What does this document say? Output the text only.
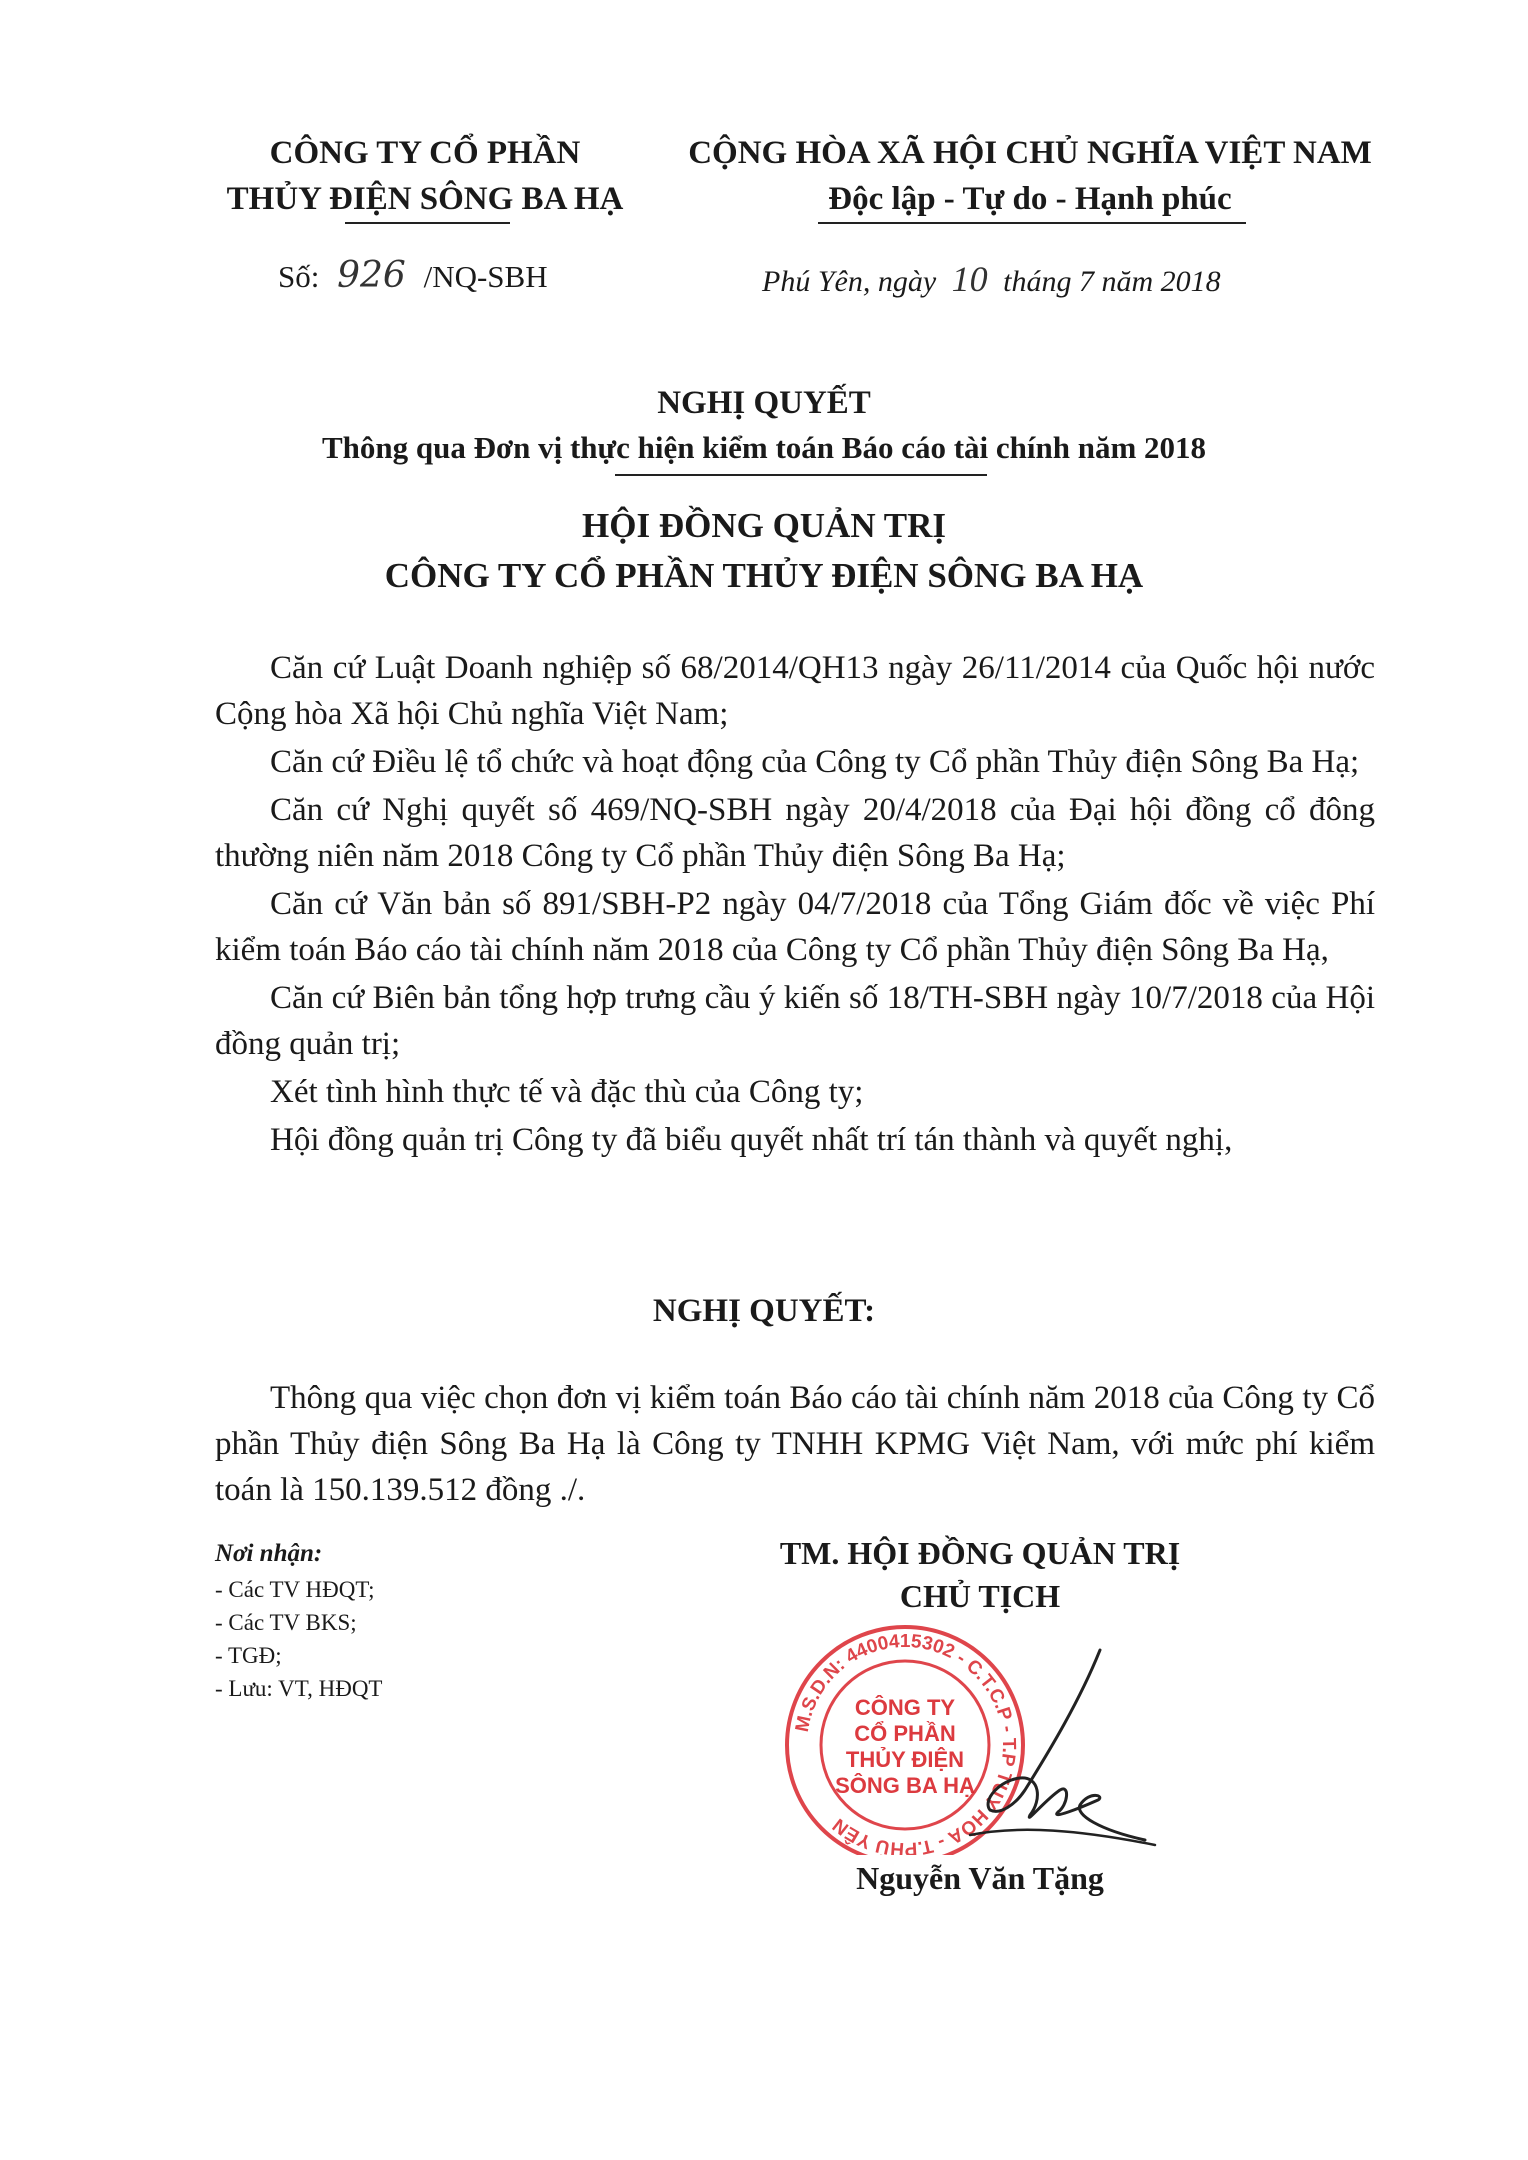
CÔNG TY CỔ PHẦN
THỦY ĐIỆN SÔNG BA HẠ
CỘNG HÒA XÃ HỘI CHỦ NGHĨA VIỆT NAM
Độc lập - Tự do - Hạnh phúc
Số: 926 /NQ-SBH	Phú Yên, ngày 10 tháng 7 năm 2018
NGHỊ QUYẾT
Thông qua Đơn vị thực hiện kiểm toán Báo cáo tài chính năm 2018
HỘI ĐỒNG QUẢN TRỊ
CÔNG TY CỔ PHẦN THỦY ĐIỆN SÔNG BA HẠ

Căn cứ Luật Doanh nghiệp số 68/2014/QH13 ngày 26/11/2014 của Quốc hội nước Cộng hòa Xã hội Chủ nghĩa Việt Nam;

Căn cứ Điều lệ tổ chức và hoạt động của Công ty Cổ phần Thủy điện Sông Ba Hạ;

Căn cứ Nghị quyết số 469/NQ-SBH ngày 20/4/2018 của Đại hội đồng cổ đông thường niên năm 2018 Công ty Cổ phần Thủy điện Sông Ba Hạ;

Căn cứ Văn bản số 891/SBH-P2 ngày 04/7/2018 của Tổng Giám đốc về việc Phí kiểm toán Báo cáo tài chính năm 2018 của Công ty Cổ phần Thủy điện Sông Ba Hạ,

Căn cứ Biên bản tổng hợp trưng cầu ý kiến số 18/TH-SBH ngày 10/7/2018 của Hội đồng quản trị;

Xét tình hình thực tế và đặc thù của Công ty;

Hội đồng quản trị Công ty đã biểu quyết nhất trí tán thành và quyết nghị,

NGHỊ QUYẾT:

Thông qua việc chọn đơn vị kiểm toán Báo cáo tài chính năm 2018 của Công ty Cổ phần Thủy điện Sông Ba Hạ là Công ty TNHH KPMG Việt Nam, với mức phí kiểm toán là 150.139.512 đồng ./.

Nơi nhận:
- Các TV HĐQT;
- Các TV BKS;
- TGĐ;
- Lưu: VT, HĐQT
TM. HỘI ĐỒNG QUẢN TRỊ
CHỦ TỊCH
M.S.D.N: 4400415302 - C.T.C.P - T.P TUY HÒA - T.PHÚ YÊN
CÔNG TY
CỔ PHẦN
THỦY ĐIỆN
SÔNG BA HẠ
Nguyễn Văn Tặng
